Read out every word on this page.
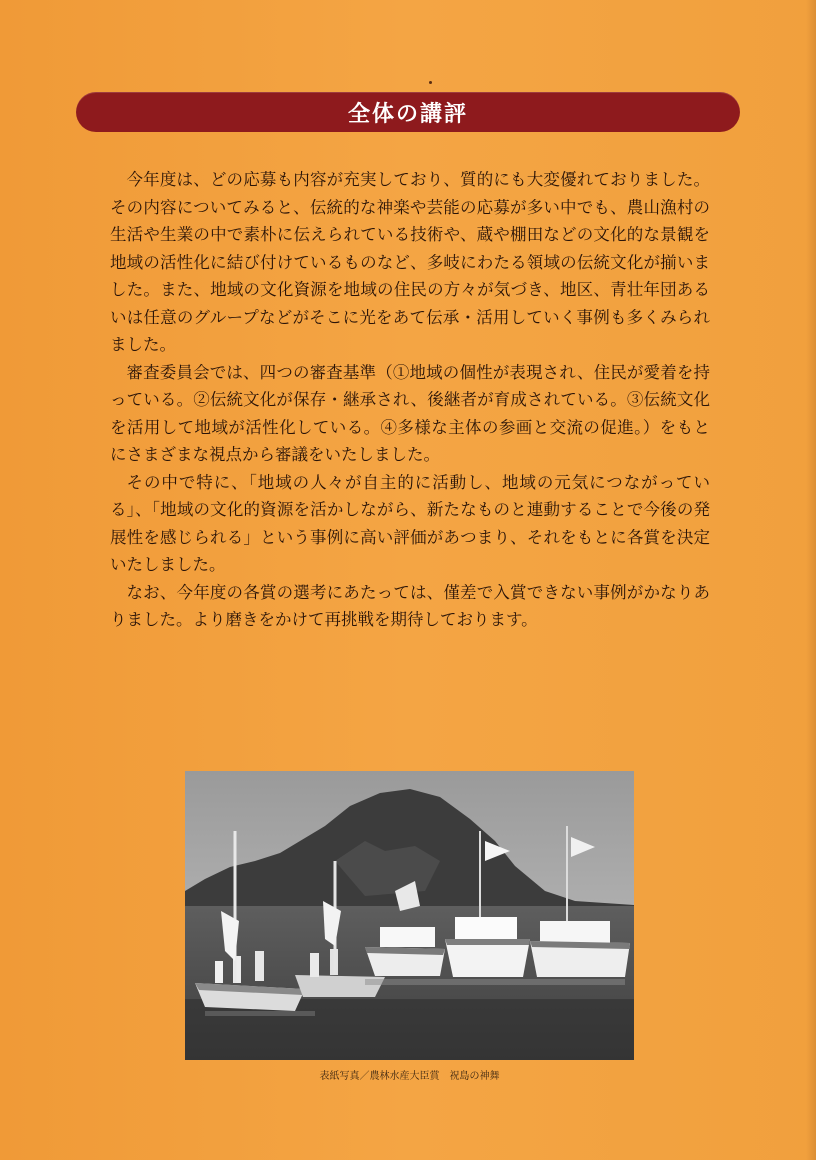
全体の講評

今年度は、どの応募も内容が充実しており、質的にも大変優れておりました。その内容についてみると、伝統的な神楽や芸能の応募が多い中でも、農山漁村の生活や生業の中で素朴に伝えられている技術や、蔵や棚田などの文化的な景観を地域の活性化に結び付けているものなど、多岐にわたる領域の伝統文化が揃いました。また、地域の文化資源を地域の住民の方々が気づき、地区、青壮年団あるいは任意のグループなどがそこに光をあて伝承・活用していく事例も多くみられました。

審査委員会では、四つの審査基準（①地域の個性が表現され、住民が愛着を持っている。②伝統文化が保存・継承され、後継者が育成されている。③伝統文化を活用して地域が活性化している。④多様な主体の参画と交流の促進。）をもとにさまざまな視点から審議をいたしました。

その中で特に、「地域の人々が自主的に活動し、地域の元気につながっている」、「地域の文化的資源を活かしながら、新たなものと連動することで今後の発展性を感じられる」という事例に高い評価があつまり、それをもとに各賞を決定いたしました。

なお、今年度の各賞の選考にあたっては、僅差で入賞できない事例がかなりありました。より磨きをかけて再挑戦を期待しております。

表紙写真／農林水産大臣賞　祝島の神舞
